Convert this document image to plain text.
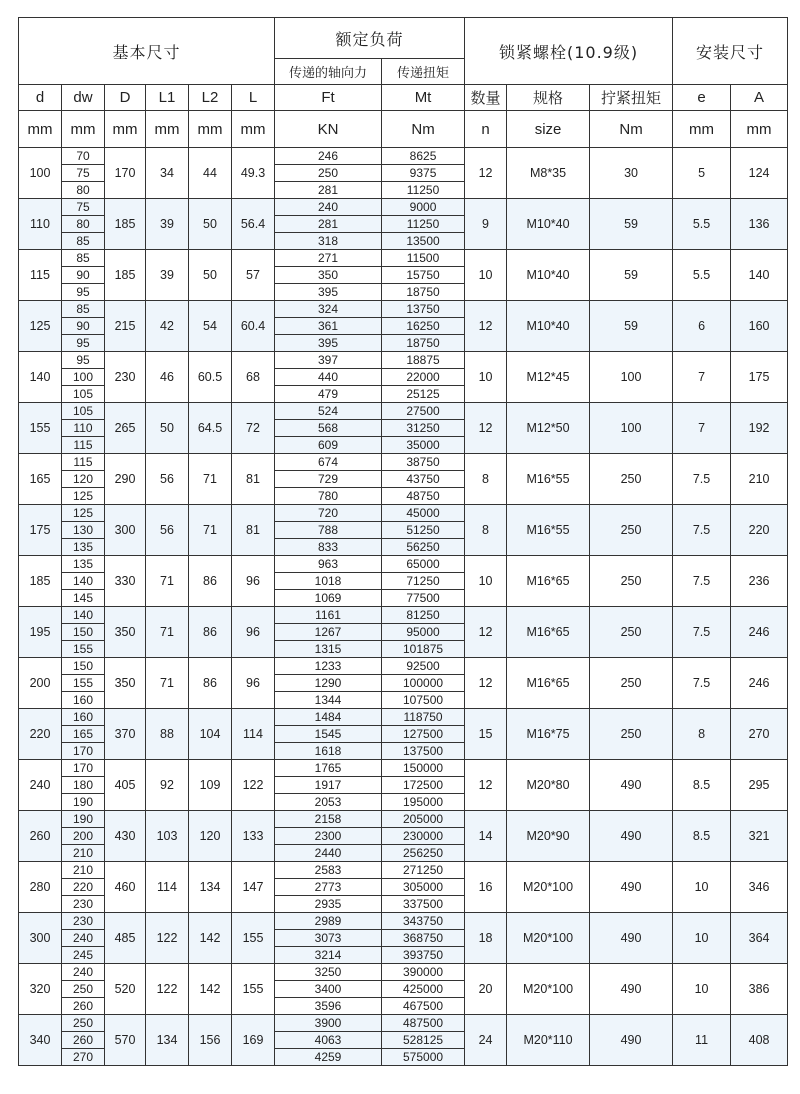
基本尺寸						额定负荷		锁紧螺栓(10.9级)			安装尺寸	
						传递的轴向力	传递扭矩					
d	dw	D	L1	L2	L	Ft	Mt	数量	规格	拧紧扭矩	e	A
mm	mm	mm	mm	mm	mm	KN	Nm	n	size	Nm	mm	mm
100	70	170	34	44	49.3	246	8625	12	M8*35	30	5	124
	75					250	9375					
	80					281	11250					
110	75	185	39	50	56.4	240	9000	9	M10*40	59	5.5	136
	80					281	11250					
	85					318	13500					
115	85	185	39	50	57	271	11500	10	M10*40	59	5.5	140
	90					350	15750					
	95					395	18750					
125	85	215	42	54	60.4	324	13750	12	M10*40	59	6	160
	90					361	16250					
	95					395	18750					
140	95	230	46	60.5	68	397	18875	10	M12*45	100	7	175
	100					440	22000					
	105					479	25125					
155	105	265	50	64.5	72	524	27500	12	M12*50	100	7	192
	110					568	31250					
	115					609	35000					
165	115	290	56	71	81	674	38750	8	M16*55	250	7.5	210
	120					729	43750					
	125					780	48750					
175	125	300	56	71	81	720	45000	8	M16*55	250	7.5	220
	130					788	51250					
	135					833	56250					
185	135	330	71	86	96	963	65000	10	M16*65	250	7.5	236
	140					1018	71250					
	145					1069	77500					
195	140	350	71	86	96	1161	81250	12	M16*65	250	7.5	246
	150					1267	95000					
	155					1315	101875					
200	150	350	71	86	96	1233	92500	12	M16*65	250	7.5	246
	155					1290	100000					
	160					1344	107500					
220	160	370	88	104	114	1484	118750	15	M16*75	250	8	270
	165					1545	127500					
	170					1618	137500					
240	170	405	92	109	122	1765	150000	12	M20*80	490	8.5	295
	180					1917	172500					
	190					2053	195000					
260	190	430	103	120	133	2158	205000	14	M20*90	490	8.5	321
	200					2300	230000					
	210					2440	256250					
280	210	460	114	134	147	2583	271250	16	M20*100	490	10	346
	220					2773	305000					
	230					2935	337500					
300	230	485	122	142	155	2989	343750	18	M20*100	490	10	364
	240					3073	368750					
	245					3214	393750					
320	240	520	122	142	155	3250	390000	20	M20*100	490	10	386
	250					3400	425000					
	260					3596	467500					
340	250	570	134	156	169	3900	487500	24	M20*110	490	11	408
	260					4063	528125					
	270					4259	575000					
